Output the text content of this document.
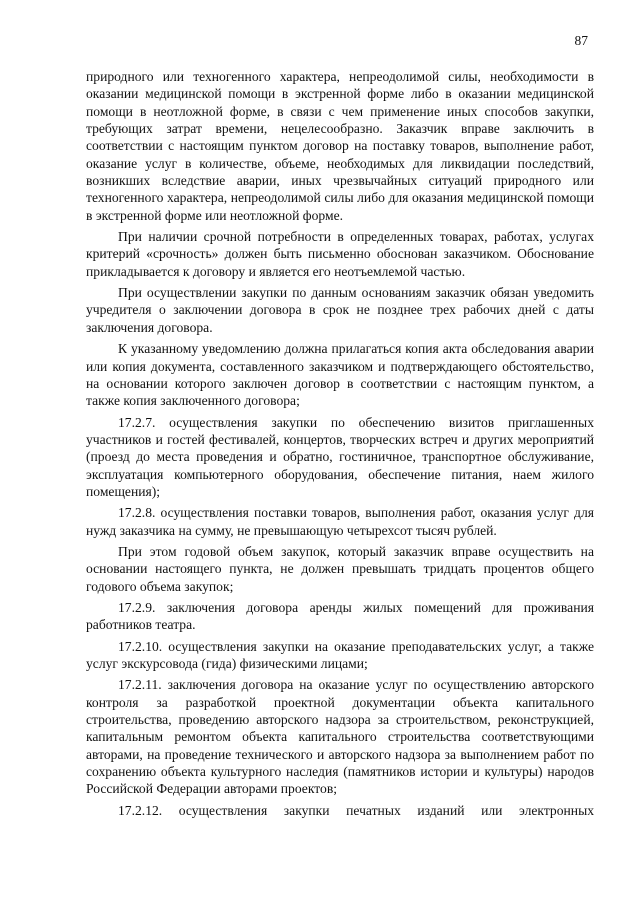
87

природного или техногенного характера, непреодолимой силы, необходимости в оказании медицинской помощи в экстренной форме либо в оказании медицинской помощи в неотложной форме, в связи с чем применение иных способов закупки, требующих затрат времени, нецелесообразно. Заказчик вправе заключить в соответствии с настоящим пунктом договор на поставку товаров, выполнение работ, оказание услуг в количестве, объеме, необходимых для ликвидации последствий, возникших вследствие аварии, иных чрезвычайных ситуаций природного или техногенного характера, непреодолимой силы либо для оказания медицинской помощи в экстренной форме или неотложной форме.

При наличии срочной потребности в определенных товарах, работах, услугах критерий «срочность» должен быть письменно обоснован заказчиком. Обоснование прикладывается к договору и является его неотъемлемой частью.

При осуществлении закупки по данным основаниям заказчик обязан уведомить учредителя о заключении договора в срок не позднее трех рабочих дней с даты заключения договора.

К указанному уведомлению должна прилагаться копия акта обследования аварии или копия документа, составленного заказчиком и подтверждающего обстоятельство, на основании которого заключен договор в соответствии с настоящим пунктом, а также копия заключенного договора;

17.2.7. осуществления закупки по обеспечению визитов приглашенных участников и гостей фестивалей, концертов, творческих встреч и других мероприятий (проезд до места проведения и обратно, гостиничное, транспортное обслуживание, эксплуатация компьютерного оборудования, обеспечение питания, наем жилого помещения);

17.2.8. осуществления поставки товаров, выполнения работ, оказания услуг для нужд заказчика на сумму, не превышающую четырехсот тысяч рублей.

При этом годовой объем закупок, который заказчик вправе осуществить на основании настоящего пункта, не должен превышать тридцать процентов общего годового объема закупок;

17.2.9. заключения договора аренды жилых помещений для проживания работников театра.

17.2.10. осуществления закупки на оказание преподавательских услуг, а также услуг экскурсовода (гида) физическими лицами;

17.2.11. заключения договора на оказание услуг по осуществлению авторского контроля за разработкой проектной документации объекта капитального строительства, проведению авторского надзора за строительством, реконструкцией, капитальным ремонтом объекта капитального строительства соответствующими авторами, на проведение технического и авторского надзора за выполнением работ по сохранению объекта культурного наследия (памятников истории и культуры) народов Российской Федерации авторами проектов;

17.2.12. осуществления закупки печатных изданий или электронных
